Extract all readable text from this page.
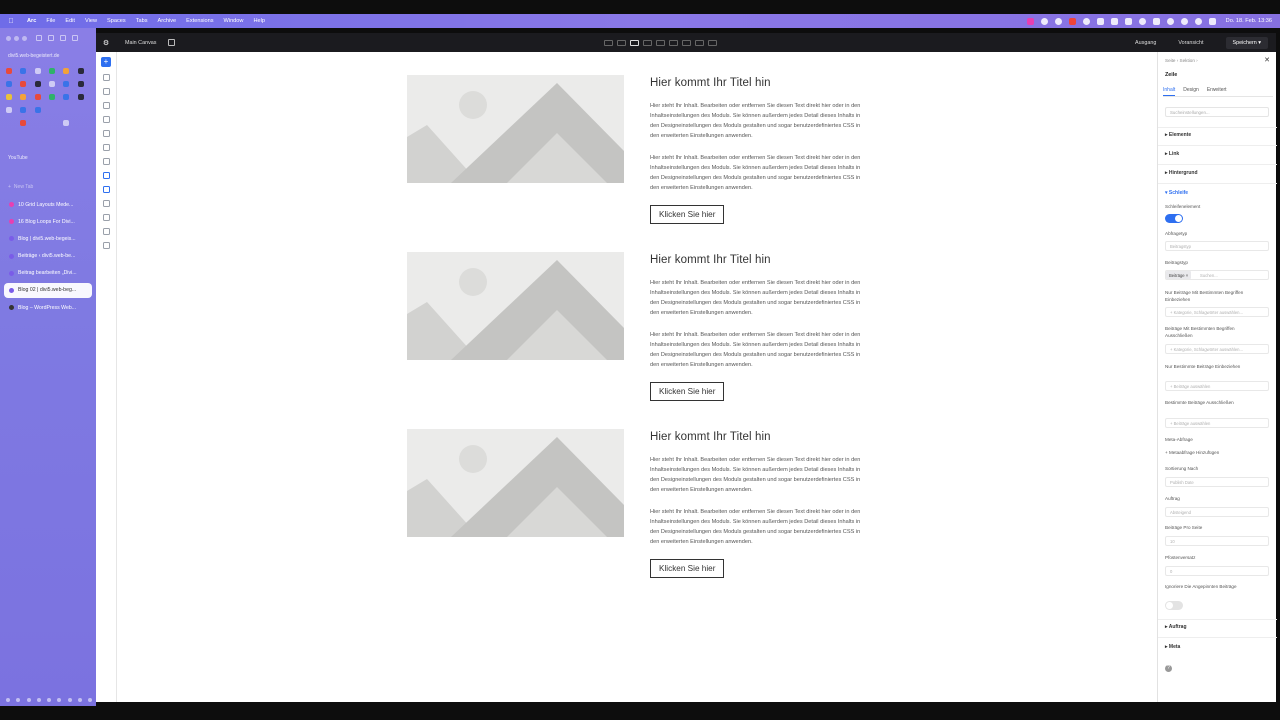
Arc	File	Edit	View	Spaces	Tabs	Archive	Extensions	Window	Help	Do. 18. Feb. 13:36
divi5.web-begeistert.de
YouTube
+ New Tab
10 Grid Layouts Mede...
16 Blog Loops For Divi...
Blog | divi5.web-begeis...
Beiträge ‹ divi5.web-be...
Beitrag bearbeiten „Divi...
Blog 02 | divi5.web-beg...
Blog – WordPress Web...
⚙	Main Canvas	Ausgang	Voransicht	Speichern ▾
+
Hier kommt Ihr Titel hin

Hier steht Ihr Inhalt. Bearbeiten oder entfernen Sie diesen Text direkt hier oder in den Inhaltseinstellungen des Moduls. Sie können außerdem jedes Detail dieses Inhalts in den Designeinstellungen des Moduls gestalten und sogar benutzerdefiniertes CSS in den erweiterten Einstellungen anwenden.

Hier steht Ihr Inhalt. Bearbeiten oder entfernen Sie diesen Text direkt hier oder in den Inhaltseinstellungen des Moduls. Sie können außerdem jedes Detail dieses Inhalts in den Designeinstellungen des Moduls gestalten und sogar benutzerdefiniertes CSS in den erweiterten Einstellungen anwenden.

Klicken Sie hier
Hier kommt Ihr Titel hin

Hier steht Ihr Inhalt. Bearbeiten oder entfernen Sie diesen Text direkt hier oder in den Inhaltseinstellungen des Moduls. Sie können außerdem jedes Detail dieses Inhalts in den Designeinstellungen des Moduls gestalten und sogar benutzerdefiniertes CSS in den erweiterten Einstellungen anwenden.

Hier steht Ihr Inhalt. Bearbeiten oder entfernen Sie diesen Text direkt hier oder in den Inhaltseinstellungen des Moduls. Sie können außerdem jedes Detail dieses Inhalts in den Designeinstellungen des Moduls gestalten und sogar benutzerdefiniertes CSS in den erweiterten Einstellungen anwenden.

Klicken Sie hier
Hier kommt Ihr Titel hin

Hier steht Ihr Inhalt. Bearbeiten oder entfernen Sie diesen Text direkt hier oder in den Inhaltseinstellungen des Moduls. Sie können außerdem jedes Detail dieses Inhalts in den Designeinstellungen des Moduls gestalten und sogar benutzerdefiniertes CSS in den erweiterten Einstellungen anwenden.

Hier steht Ihr Inhalt. Bearbeiten oder entfernen Sie diesen Text direkt hier oder in den Inhaltseinstellungen des Moduls. Sie können außerdem jedes Detail dieses Inhalts in den Designeinstellungen des Moduls gestalten und sogar benutzerdefiniertes CSS in den erweiterten Einstellungen anwenden.

Klicken Sie hier
Seite › Sektion ›	✕
Zeile
Inhalt Design Erweitert
Sucheinstellungen...
▸ Elemente
▸ Link
▸ Hintergrund
▾ Schleife
Schleifenelement
Abfragetyp
Beitragstyp
Beitragstyp
Suchen...
Beiträge ×
Nur Beiträge Mit Bestimmten Begriffen Einbeziehen
+ Kategorie, Schlagwörter auswählen...
Beiträge Mit Bestimmten Begriffen Ausschließen
+ Kategorie, Schlagwörter auswählen...
Nur Bestimmte Beiträge Einbeziehen
+ Beiträge auswählen
Bestimmte Beiträge Ausschließen
+ Beiträge auswählen
Meta-Abfrage
+ Metaabfrage Hinzufügen
Sortierung Nach
Publish Date
Auftrag
Absteigend
Beiträge Pro Seite
10
Pfostenversatz
0
Ignoriere Die Angepinnten Beiträge
▸ Auftrag
▸ Meta
?
